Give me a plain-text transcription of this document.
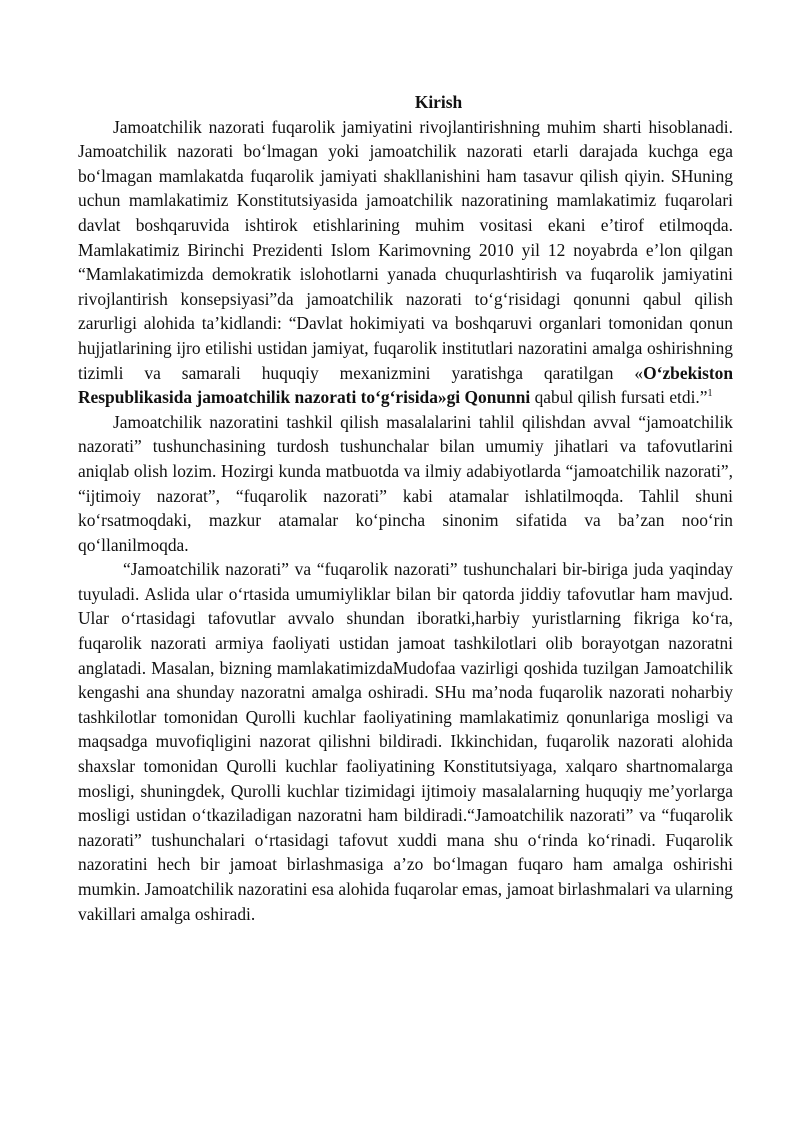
Kirish

Jamoatchilik nazorati fuqarolik jamiyatini rivojlantirishning muhim sharti hisoblanadi. Jamoatchilik nazorati bo‘lmagan yoki jamoatchilik nazorati etarli darajada kuchga ega bo‘lmagan mamlakatda fuqarolik jamiyati shakllanishini ham tasavur qilish qiyin. SHuning uchun mamlakatimiz Konstitutsiyasida jamoatchilik nazoratining mamlakatimiz fuqarolari davlat boshqaruvida ishtirok etishlarining muhim vositasi ekani e’tirof etilmoqda. Mamlakatimiz Birinchi Prezidenti Islom Karimovning 2010 yil 12 noyabrda e’lon qilgan “Mamlakatimizda demokratik islohotlarni yanada chuqurlashtirish va fuqarolik jamiyatini rivojlantirish konsepsiyasi”da jamoatchilik nazorati to‘g‘risidagi qonunni qabul qilish zarurligi alohida ta’kidlandi: “Davlat hokimiyati va boshqaruvi organlari tomonidan qonun hujjatlarining ijro etilishi ustidan jamiyat, fuqarolik institutlari nazoratini amalga oshirishning tizimli va samarali huquqiy mexanizmini yaratishga qaratilgan «O‘zbekiston Respublikasida jamoatchilik nazorati to‘g‘risida»gi Qonunni qabul qilish fursati etdi.”$^1$

Jamoatchilik nazoratini tashkil qilish masalalarini tahlil qilishdan avval “jamoatchilik nazorati” tushunchasining turdosh tushunchalar bilan umumiy jihatlari va tafovutlarini aniqlab olish lozim. Hozirgi kunda matbuotda va ilmiy adabiyotlarda “jamoatchilik nazorati”, “ijtimoiy nazorat”, “fuqarolik nazorati” kabi atamalar ishlatilmoqda. Tahlil shuni ko‘rsatmoqdaki, mazkur atamalar ko‘pincha sinonim sifatida va ba’zan noo‘rin qo‘llanilmoqda.

“Jamoatchilik nazorati” va “fuqarolik nazorati” tushunchalari bir-biriga juda yaqinday tuyuladi. Aslida ular o‘rtasida umumiyliklar bilan bir qatorda jiddiy tafovutlar ham mavjud. Ular o‘rtasidagi tafovutlar avvalo shundan iboratki,harbiy yuristlarning fikriga ko‘ra, fuqarolik nazorati armiya faoliyati ustidan jamoat tashkilotlari olib borayotgan nazoratni anglatadi. Masalan, bizning mamlakatimizdaMudofaa vazirligi qoshida tuzilgan Jamoatchilik kengashi ana shunday nazoratni amalga oshiradi. SHu ma’noda fuqarolik nazorati noharbiy tashkilotlar tomonidan Qurolli kuchlar faoliyatining mamlakatimiz qonunlariga mosligi va maqsadga muvofiqligini nazorat qilishni bildiradi. Ikkinchidan, fuqarolik nazorati alohida shaxslar tomonidan Qurolli kuchlar faoliyatining Konstitutsiyaga, xalqaro shartnomalarga mosligi, shuningdek, Qurolli kuchlar tizimidagi ijtimoiy masalalarning huquqiy me’yorlarga mosligi ustidan o‘tkaziladigan nazoratni ham bildiradi.“Jamoatchilik nazorati” va “fuqarolik nazorati” tushunchalari o‘rtasidagi tafovut xuddi mana shu o‘rinda ko‘rinadi. Fuqarolik nazoratini hech bir jamoat birlashmasiga a’zo bo‘lmagan fuqaro ham amalga oshirishi mumkin. Jamoatchilik nazoratini esa alohida fuqarolar emas, jamoat birlashmalari va ularning vakillari amalga oshiradi.
